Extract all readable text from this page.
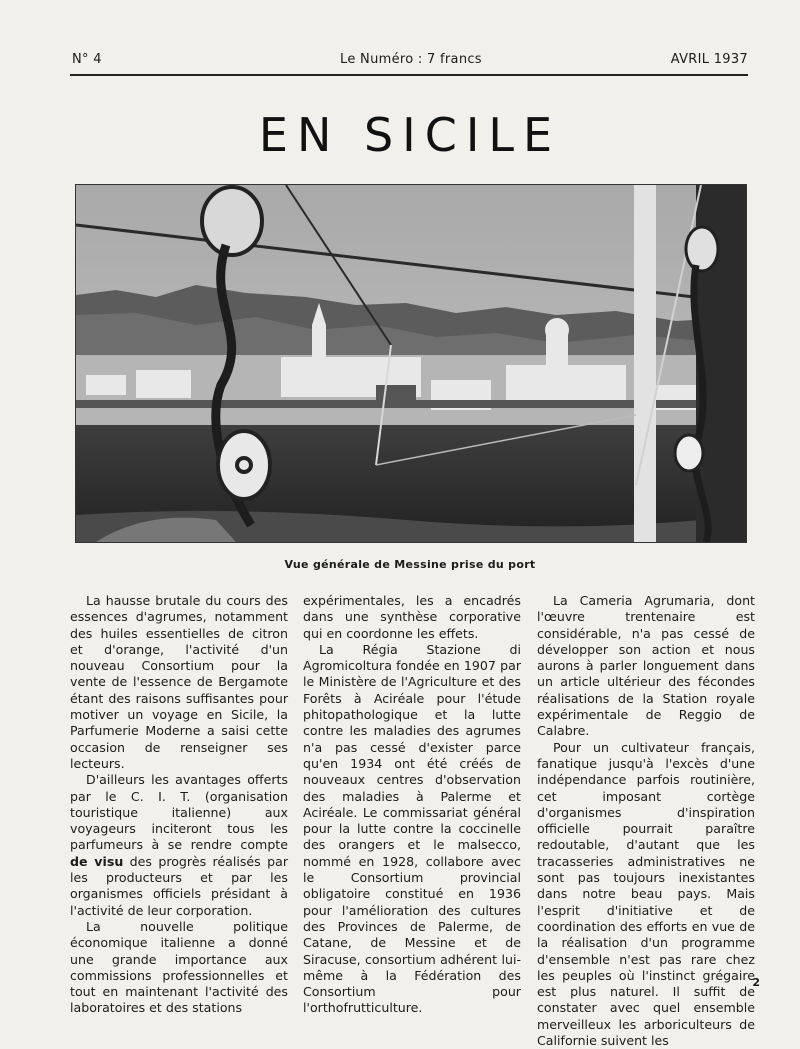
N° 4	Le Numéro : 7 francs	AVRIL 1937
EN SICILE
Vue générale de Messine prise du port

La hausse brutale du cours des essences d'agrumes, notamment des huiles essentielles de citron et d'orange, l'activité d'un nouveau Consortium pour la vente de l'essence de Bergamote étant des raisons suffisantes pour motiver un voyage en Sicile, la Parfumerie Moderne a saisi cette occasion de renseigner ses lecteurs.

D'ailleurs les avantages offerts par le C. I. T. (organisation touristique italienne) aux voyageurs inciteront tous les parfumeurs à se rendre compte de visu des progrès réalisés par les producteurs et par les organismes officiels présidant à l'activité de leur corporation.

La nouvelle politique économique italienne a donné une grande importance aux commissions professionnelles et tout en maintenant l'activité des laboratoires et des stations

expérimentales, les a encadrés dans une synthèse corporative qui en coordonne les effets.

La Régia Stazione di Agromicoltura fondée en 1907 par le Ministère de l'Agriculture et des Forêts à Aciréale pour l'étude phitopathologique et la lutte contre les maladies des agrumes n'a pas cessé d'exister parce qu'en 1934 ont été créés de nouveaux centres d'observation des maladies à Palerme et Aciréale. Le commissariat général pour la lutte contre la coccinelle des orangers et le malsecco, nommé en 1928, collabore avec le Consortium provincial obligatoire constitué en 1936 pour l'amélioration des cultures des Provinces de Palerme, de Catane, de Messine et de Siracuse, consortium adhérent lui-même à la Fédération des Consortium pour l'orthofrutticulture.

La Cameria Agrumaria, dont l'œuvre trentenaire est considérable, n'a pas cessé de développer son action et nous aurons à parler longuement dans un article ultérieur des fécondes réalisations de la Station royale expérimentale de Reggio de Calabre.

Pour un cultivateur français, fanatique jusqu'à l'excès d'une indépendance parfois routinière, cet imposant cortège d'organismes d'inspiration officielle pourrait paraître redoutable, d'autant que les tracasseries administratives ne sont pas toujours inexistantes dans notre beau pays. Mais l'esprit d'initiative et de coordination des efforts en vue de la réalisation d'un programme d'ensemble n'est pas rare chez les peuples où l'instinct grégaire est plus naturel. Il suffit de constater avec quel ensemble merveilleux les arboriculteurs de Californie suivent les

2
